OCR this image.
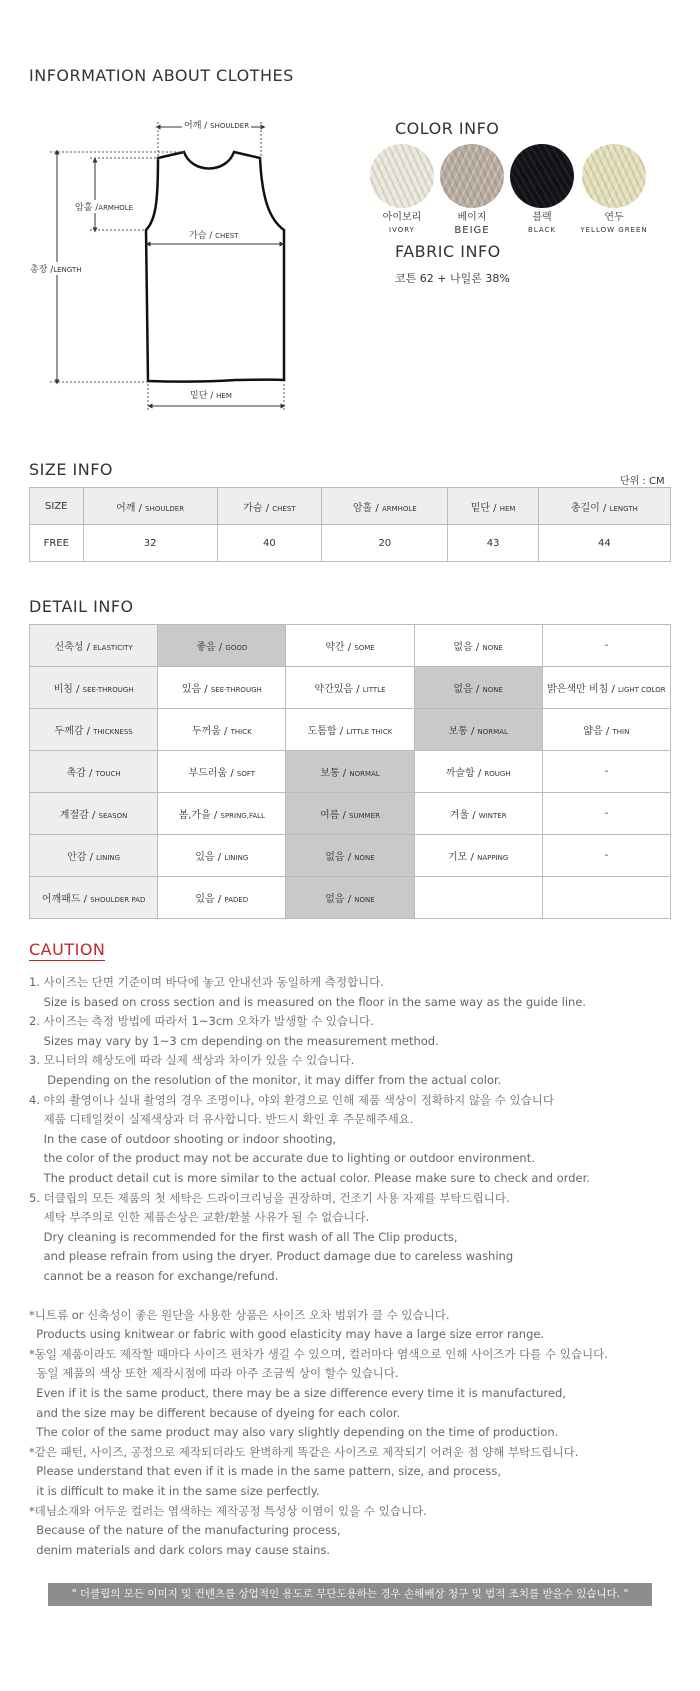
INFORMATION ABOUT CLOTHES
어깨 / SHOULDER
암홀 /ARMHOLE
가슴 / CHEST
총장 /LENGTH
밑단 / HEM
COLOR INFO
아이보리
IVORY
베이지
BEIGE
블랙
BLACK
연두
YELLOW GREEN
FABRIC INFO
코튼 62 + 나일론 38%
SIZE INFO
단위 : CM
SIZE	어깨 / SHOULDER	가슴 / CHEST	암홀 / ARMHOLE	밑단 / HEM	총길이 / LENGTH
FREE	32	40	20	43	44
DETAIL INFO
신축성 / ELASTICITY	좋음 / GOOD	약간 / SOME	없음 / NONE	-
비침 / SEE-THROUGH	있음 / SEE-THROUGH	약간있음 / LITTLE	없음 / NONE	밝은색만 비침 / LIGHT COLOR
두께감 / THICKNESS	두꺼움 / THICK	도톰함 / LITTLE THICK	보통 / NORMAL	얇음 / THIN
촉감 / TOUCH	부드러움 / SOFT	보통 / NORMAL	까슬함 / ROUGH	-
계절감 / SEASON	봄,가을 / SPRING,FALL	여름 / SUMMER	겨울 / WINTER	-
안감 / LINING	있음 / LINING	없음 / NONE	기모 / NAPPING	-
어깨패드 / SHOULDER PAD	있음 / PADED	없음 / NONE		
CAUTION
1. 사이즈는 단면 기준이며 바닥에 놓고 안내선과 동일하게 측정합니다.
Size is based on cross section and is measured on the floor in the same way as the guide line.
2. 사이즈는 측정 방법에 따라서 1~3cm 오차가 발생할 수 있습니다.
Sizes may vary by 1~3 cm depending on the measurement method.
3. 모니터의 해상도에 따라 실제 색상과 차이가 있을 수 있습니다.
Depending on the resolution of the monitor, it may differ from the actual color.
4. 야외 촬영이나 실내 촬영의 경우 조명이나, 야외 환경으로 인해 제품 색상이 정확하지 않을 수 있습니다
제품 디테일컷이 실제색상과 더 유사합니다. 반드시 확인 후 주문해주세요.
In the case of outdoor shooting or indoor shooting,
the color of the product may not be accurate due to lighting or outdoor environment.
The product detail cut is more similar to the actual color. Please make sure to check and order.
5. 더클립의 모든 제품의 첫 세탁은 드라이크리닝을 권장하며, 건조기 사용 자제를 부탁드립니다.
세탁 부주의로 인한 제품손상은 교환/환불 사유가 될 수 없습니다.
Dry cleaning is recommended for the first wash of all The Clip products,
and please refrain from using the dryer. Product damage due to careless washing
cannot be a reason for exchange/refund.
*니트류 or 신축성이 좋은 원단을 사용한 상품은 사이즈 오차 범위가 클 수 있습니다.
Products using knitwear or fabric with good elasticity may have a large size error range.
*동일 제품이라도 제작할 때마다 사이즈 편차가 생길 수 있으며, 컬러마다 염색으로 인해 사이즈가 다를 수 있습니다.
동일 제품의 색상 또한 제작시점에 따라 아주 조금씩 상이 할수 있습니다.
Even if it is the same product, there may be a size difference every time it is manufactured,
and the size may be different because of dyeing for each color.
The color of the same product may also vary slightly depending on the time of production.
*같은 패턴, 사이즈, 공정으로 제작되더라도 완벽하게 똑같은 사이즈로 제작되기 어려운 점 양해 부탁드립니다.
Please understand that even if it is made in the same pattern, size, and process,
it is difficult to make it in the same size perfectly.
*데님소재와 어두운 컬러는 염색하는 제작공정 특성상 이염이 있을 수 있습니다.
Because of the nature of the manufacturing process,
denim materials and dark colors may cause stains.
" 더클립의 모든 이미지 및 컨텐츠를 상업적인 용도로 무단도용하는 경우 손해배상 청구 및 법적 조치를 받을수 있습니다. "
